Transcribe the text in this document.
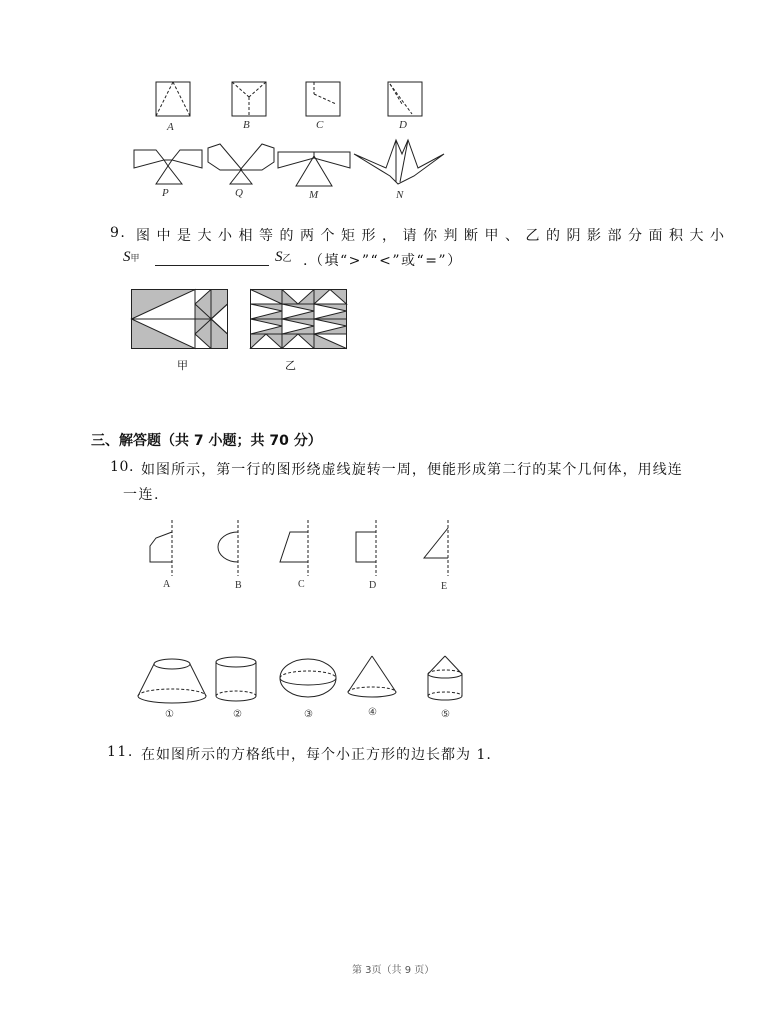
A	B	C	D
P	Q	M	N
9. 图中是大小相等的两个矩形，请你判断甲、乙的阴影部分面积大小
S甲	S乙 .（填“>”“<”或“=”）
甲	乙
三、解答题（共 7 小题；共 70 分）
10. 如图所示，第一行的图形绕虚线旋转一周，便能形成第二行的某个几何体，用线连
一连.
A	B	C	D	E
①	②	③	④	⑤
11. 在如图所示的方格纸中，每个小正方形的边长都为 1.
第 3页（共 9 页）
